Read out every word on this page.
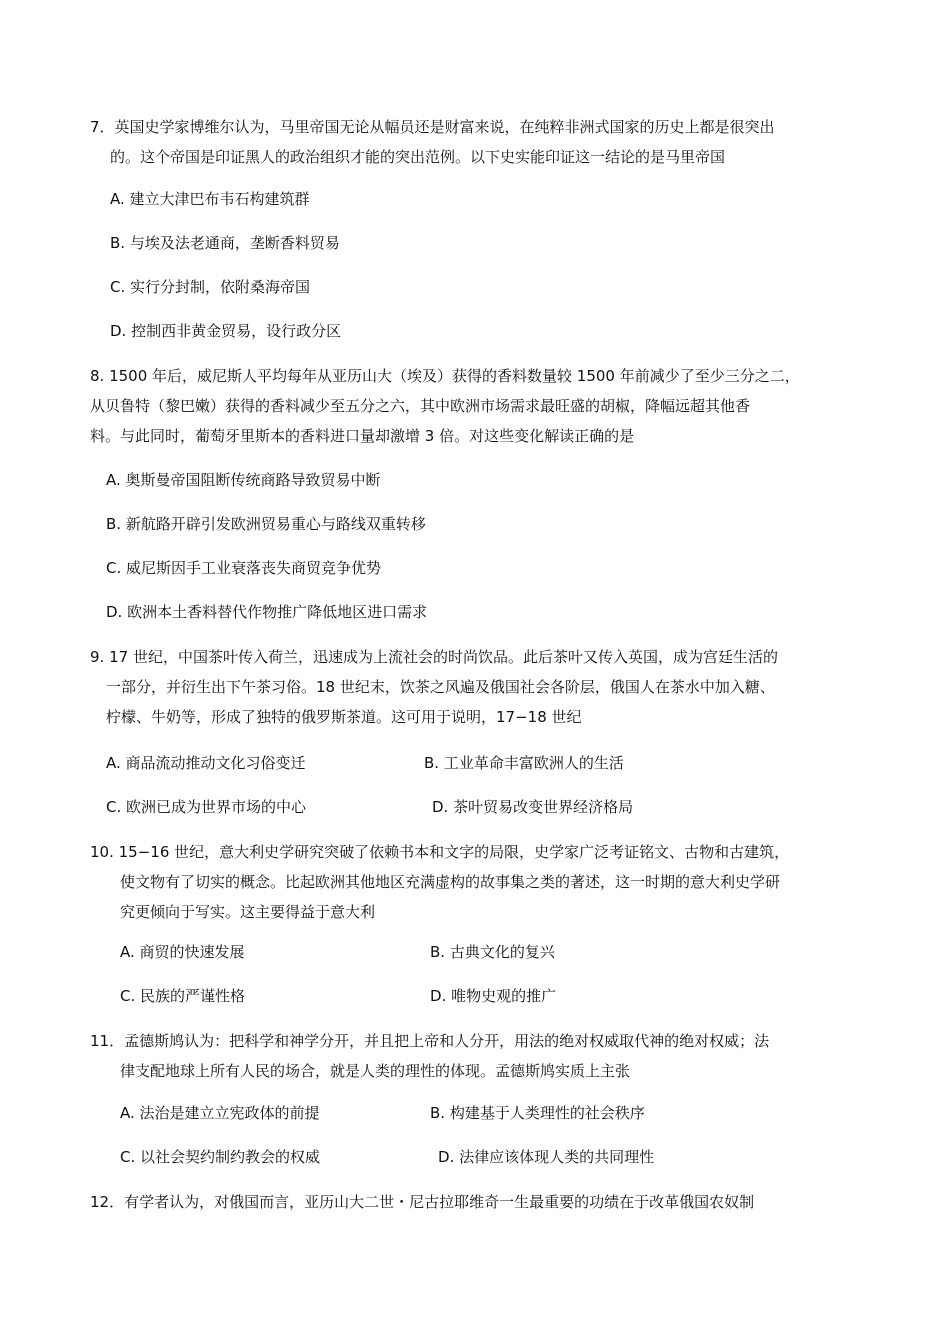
7．英国史学家博维尔认为，马里帝国无论从幅员还是财富来说，在纯粹非洲式国家的历史上都是很突出
的。这个帝国是印证黑人的政治组织才能的突出范例。以下史实能印证这一结论的是马里帝国
A. 建立大津巴布韦石构建筑群
B. 与埃及法老通商，垄断香料贸易
C. 实行分封制，依附桑海帝国
D. 控制西非黄金贸易，设行政分区
8. 1500 年后，威尼斯人平均每年从亚历山大（埃及）获得的香料数量较 1500 年前减少了至少三分之二，
从贝鲁特（黎巴嫩）获得的香料减少至五分之六，其中欧洲市场需求最旺盛的胡椒，降幅远超其他香
料。与此同时，葡萄牙里斯本的香料进口量却激增 3 倍。对这些变化解读正确的是
A. 奥斯曼帝国阻断传统商路导致贸易中断
B. 新航路开辟引发欧洲贸易重心与路线双重转移
C. 威尼斯因手工业衰落丧失商贸竞争优势
D. 欧洲本土香料替代作物推广降低地区进口需求
9. 17 世纪，中国茶叶传入荷兰，迅速成为上流社会的时尚饮品。此后茶叶又传入英国，成为宫廷生活的
一部分，并衍生出下午茶习俗。18 世纪末，饮茶之风遍及俄国社会各阶层，俄国人在茶水中加入糖、
柠檬、牛奶等，形成了独特的俄罗斯茶道。这可用于说明，17−18 世纪
A. 商品流动推动文化习俗变迁	B. 工业革命丰富欧洲人的生活
C. 欧洲已成为世界市场的中心	D. 茶叶贸易改变世界经济格局
10. 15−16 世纪，意大利史学研究突破了依赖书本和文字的局限，史学家广泛考证铭文、古物和古建筑，
使文物有了切实的概念。比起欧洲其他地区充满虚构的故事集之类的著述，这一时期的意大利史学研
究更倾向于写实。这主要得益于意大利
A. 商贸的快速发展	B. 古典文化的复兴
C. 民族的严谨性格	D. 唯物史观的推广
11．孟德斯鸠认为：把科学和神学分开，并且把上帝和人分开，用法的绝对权威取代神的绝对权威；法
律支配地球上所有人民的场合，就是人类的理性的体现。孟德斯鸠实质上主张
A. 法治是建立立宪政体的前提	B. 构建基于人类理性的社会秩序
C. 以社会契约制约教会的权威	D. 法律应该体现人类的共同理性
12．有学者认为，对俄国而言，亚历山大二世・尼古拉耶维奇一生最重要的功绩在于改革俄国农奴制
